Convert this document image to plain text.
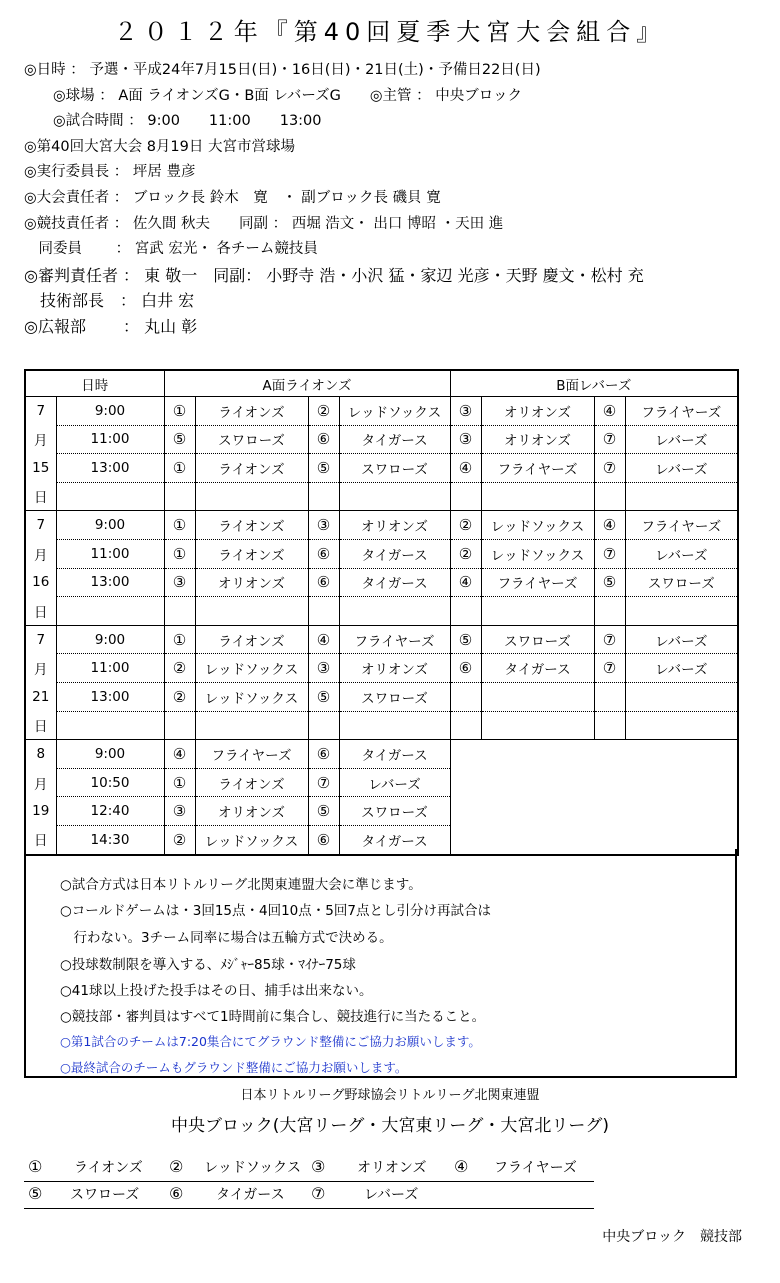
２０１２年『第40回夏季大宮大会組合』
◎日時 ： 予選・平成24年7月15日(日)・16日(日)・21日(土)・予備日22日(日)
　　◎球場 ： A面 ライオンズG・B面 レバーズG　　◎主管 ： 中央ブロック
　　◎試合時間 ： 9:00　　11:00　　13:00
◎第40回大宮大会 8月19日 大宮市営球場
◎実行委員長 ： 坪居 豊彦
◎大会責任者 ： ブロック長 鈴木　寛　・ 副ブロック長 磯貝 寛
◎競技責任者 ： 佐久間 秋夫　　同副 ： 西堀 浩文・ 出口 博昭 ・天田 進
　同委員　　 ： 宮武 宏光・ 各チーム競技員
◎審判責任者 ： 東 敬一　同副： 小野寺 浩・小沢 猛・家辺 光彦・天野 慶文・松村 充
　技術部長　： 白井 宏
◎広報部　　 ： 丸山 彰
日時		A面ライオンズ				B面レバーズ			
7	9:00	①	ライオンズ	②	レッドソックス	③	オリオンズ	④	フライヤーズ
月	11:00	⑤	スワローズ	⑥	タイガース	③	オリオンズ	⑦	レバーズ
15	13:00	①	ライオンズ	⑤	スワローズ	④	フライヤーズ	⑦	レバーズ
日									
7	9:00	①	ライオンズ	③	オリオンズ	②	レッドソックス	④	フライヤーズ
月	11:00	①	ライオンズ	⑥	タイガース	②	レッドソックス	⑦	レバーズ
16	13:00	③	オリオンズ	⑥	タイガース	④	フライヤーズ	⑤	スワローズ
日									
7	9:00	①	ライオンズ	④	フライヤーズ	⑤	スワローズ	⑦	レバーズ
月	11:00	②	レッドソックス	③	オリオンズ	⑥	タイガース	⑦	レバーズ
21	13:00	②	レッドソックス	⑤	スワローズ				
日									
8	9:00	④	フライヤーズ	⑥	タイガース				
月	10:50	①	ライオンズ	⑦	レバーズ				
19	12:40	③	オリオンズ	⑤	スワローズ				
日	14:30	②	レッドソックス	⑥	タイガース				
○試合方式は日本リトルリーグ北関東連盟大会に準じます。
○コールドゲームは・3回15点・4回10点・5回7点とし引分け再試合は
　行わない。3チーム同率に場合は五輪方式で決める。
○投球数制限を導入する、ﾒｼﾞｬｰ85球・ﾏｲﾅｰ75球
○41球以上投げた投手はその日、捕手は出来ない。
○競技部・審判員はすべて1時間前に集合し、競技進行に当たること。
○第1試合のチームは7:20集合にてグラウンド整備にご協力お願いします。
○最終試合のチームもグラウンド整備にご協力お願いします。
日本リトルリーグ野球協会リトルリーグ北関東連盟
中央ブロック(大宮リーグ・大宮東リーグ・大宮北リーグ)
① ライオンズ ② レッドソックス ③ オリオンズ ④ フライヤーズ
⑤ スワローズ ⑥ タイガース ⑦	レバーズ
中央ブロック　競技部
